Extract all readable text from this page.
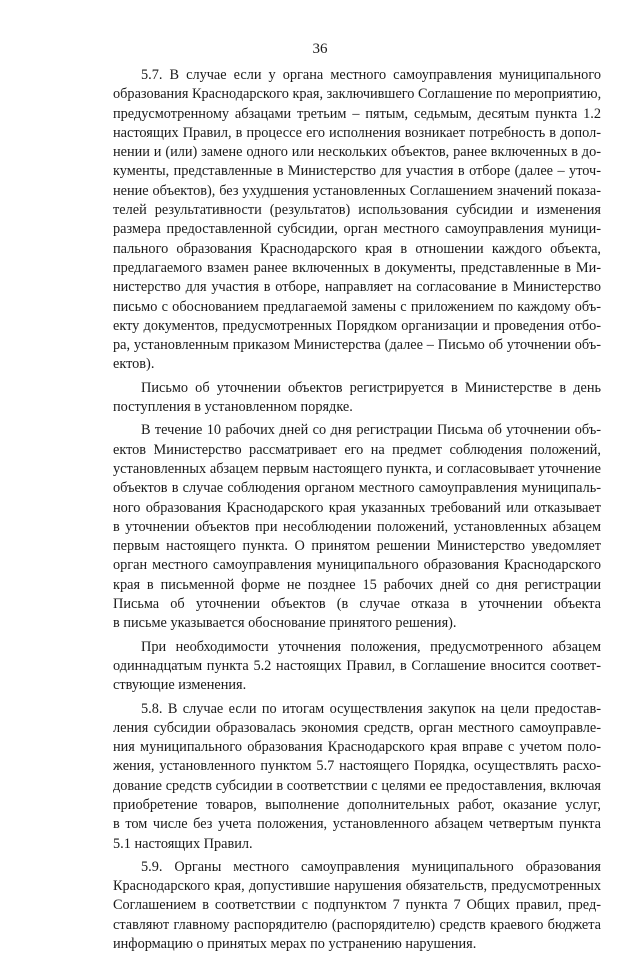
36
5.7. В случае если у органа местного самоуправления муниципального
образования Краснодарского края, заключившего Соглашение по мероприятию,
предусмотренному абзацами третьим – пятым, седьмым, десятым пункта 1.2
настоящих Правил, в процессе его исполнения возникает потребность в допол-
нении и (или) замене одного или нескольких объектов, ранее включенных в до-
кументы, представленные в Министерство для участия в отборе (далее – уточ-
нение объектов), без ухудшения установленных Соглашением значений показа-
телей результативности (результатов) использования субсидии и изменения
размера предоставленной субсидии, орган местного самоуправления муници-
пального образования Краснодарского края в отношении каждого объекта,
предлагаемого взамен ранее включенных в документы, представленные в Ми-
нистерство для участия в отборе, направляет на согласование в Министерство
письмо с обоснованием предлагаемой замены с приложением по каждому объ-
екту документов, предусмотренных Порядком организации и проведения отбо-
ра, установленным приказом Министерства (далее – Письмо об уточнении объ-
ектов).
Письмо об уточнении объектов регистрируется в Министерстве в день
поступления в установленном порядке.
В течение 10 рабочих дней со дня регистрации Письма об уточнении объ-
ектов Министерство рассматривает его на предмет соблюдения положений,
установленных абзацем первым настоящего пункта, и согласовывает уточнение
объектов в случае соблюдения органом местного самоуправления муниципаль-
ного образования Краснодарского края указанных требований или отказывает
в уточнении объектов при несоблюдении положений, установленных абзацем
первым настоящего пункта. О принятом решении Министерство уведомляет
орган местного самоуправления муниципального образования Краснодарского
края в письменной форме не позднее 15 рабочих дней со дня регистрации
Письма об уточнении объектов (в случае отказа в уточнении объекта
в письме указывается обоснование принятого решения).
При необходимости уточнения положения, предусмотренного абзацем
одиннадцатым пункта 5.2 настоящих Правил, в Соглашение вносится соответ-
ствующие изменения.
5.8. В случае если по итогам осуществления закупок на цели предостав-
ления субсидии образовалась экономия средств, орган местного самоуправле-
ния муниципального образования Краснодарского края вправе с учетом поло-
жения, установленного пунктом 5.7 настоящего Порядка, осуществлять расхо-
дование средств субсидии в соответствии с целями ее предоставления, включая
приобретение товаров, выполнение дополнительных работ, оказание услуг,
в том числе без учета положения, установленного абзацем четвертым пункта
5.1 настоящих Правил.
5.9. Органы местного самоуправления муниципального образования
Краснодарского края, допустившие нарушения обязательств, предусмотренных
Соглашением в соответствии с подпунктом 7 пункта 7 Общих правил, пред-
ставляют главному распорядителю (распорядителю) средств краевого бюджета
информацию о принятых мерах по устранению нарушения.
